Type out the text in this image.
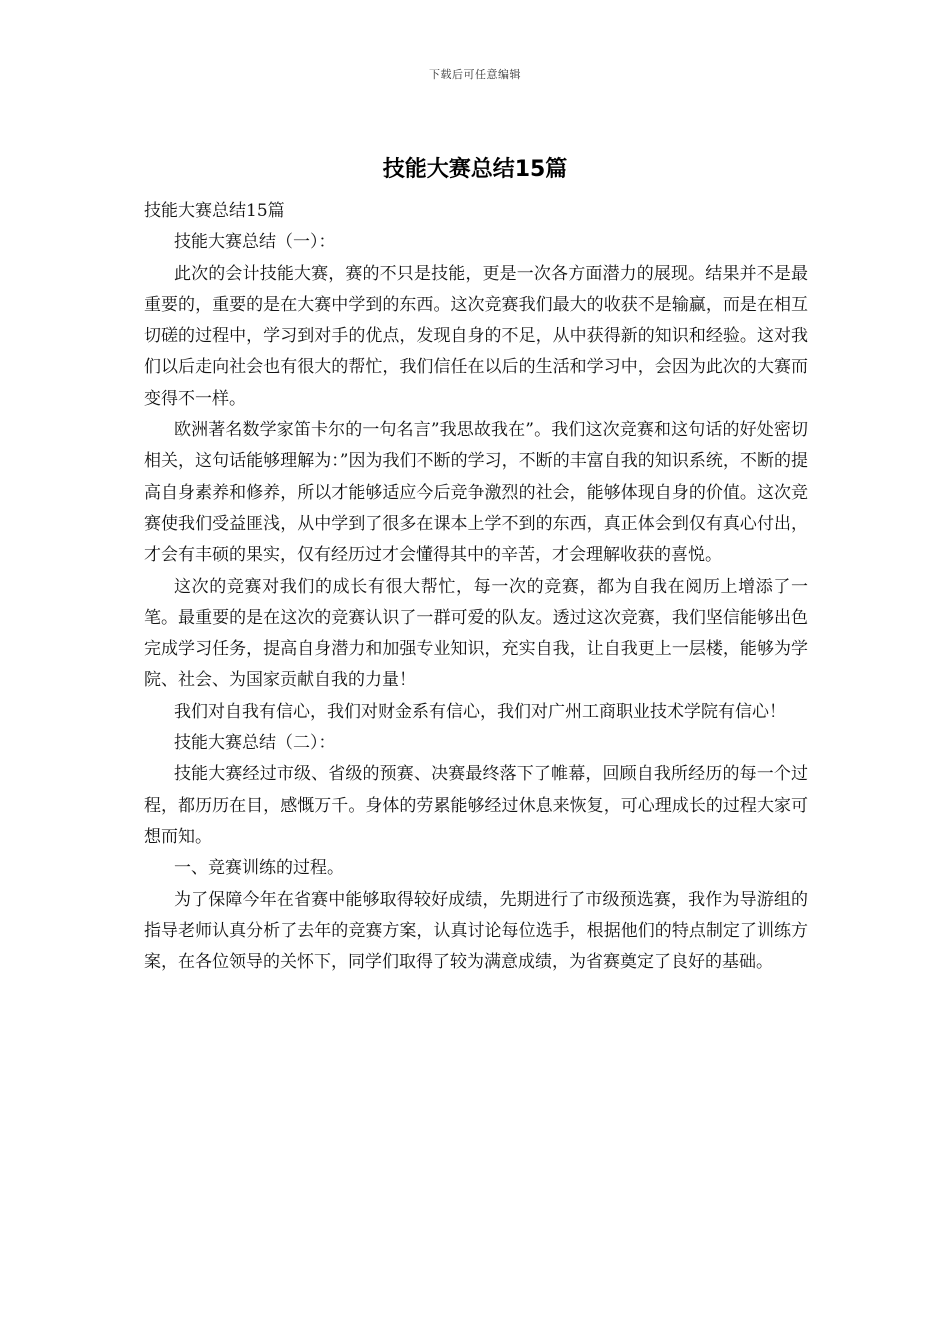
下载后可任意编辑
技能大赛总结15篇

技能大赛总结15篇

技能大赛总结（一）：

此次的会计技能大赛，赛的不只是技能，更是一次各方面潜力的展现。结果并不是最重要的，重要的是在大赛中学到的东西。这次竞赛我们最大的收获不是输赢，而是在相互切磋的过程中，学习到对手的优点，发现自身的不足，从中获得新的知识和经验。这对我们以后走向社会也有很大的帮忙，我们信任在以后的生活和学习中，会因为此次的大赛而变得不一样。

欧洲著名数学家笛卡尔的一句名言”我思故我在”。我们这次竞赛和这句话的好处密切相关，这句话能够理解为：”因为我们不断的学习，不断的丰富自我的知识系统，不断的提高自身素养和修养，所以才能够适应今后竞争激烈的社会，能够体现自身的价值。这次竞赛使我们受益匪浅，从中学到了很多在课本上学不到的东西，真正体会到仅有真心付出，才会有丰硕的果实，仅有经历过才会懂得其中的辛苦，才会理解收获的喜悦。

这次的竞赛对我们的成长有很大帮忙，每一次的竞赛，都为自我在阅历上增添了一笔。最重要的是在这次的竞赛认识了一群可爱的队友。透过这次竞赛，我们坚信能够出色完成学习任务，提高自身潜力和加强专业知识，充实自我，让自我更上一层楼，能够为学院、社会、为国家贡献自我的力量！

我们对自我有信心，我们对财金系有信心，我们对广州工商职业技术学院有信心！

技能大赛总结（二）：

技能大赛经过市级、省级的预赛、决赛最终落下了帷幕，回顾自我所经历的每一个过程，都历历在目，感慨万千。身体的劳累能够经过休息来恢复，可心理成长的过程大家可想而知。

一、竞赛训练的过程。

为了保障今年在省赛中能够取得较好成绩，先期进行了市级预选赛，我作为导游组的指导老师认真分析了去年的竞赛方案，认真讨论每位选手，根据他们的特点制定了训练方案，在各位领导的关怀下，同学们取得了较为满意成绩，为省赛奠定了良好的基础。
